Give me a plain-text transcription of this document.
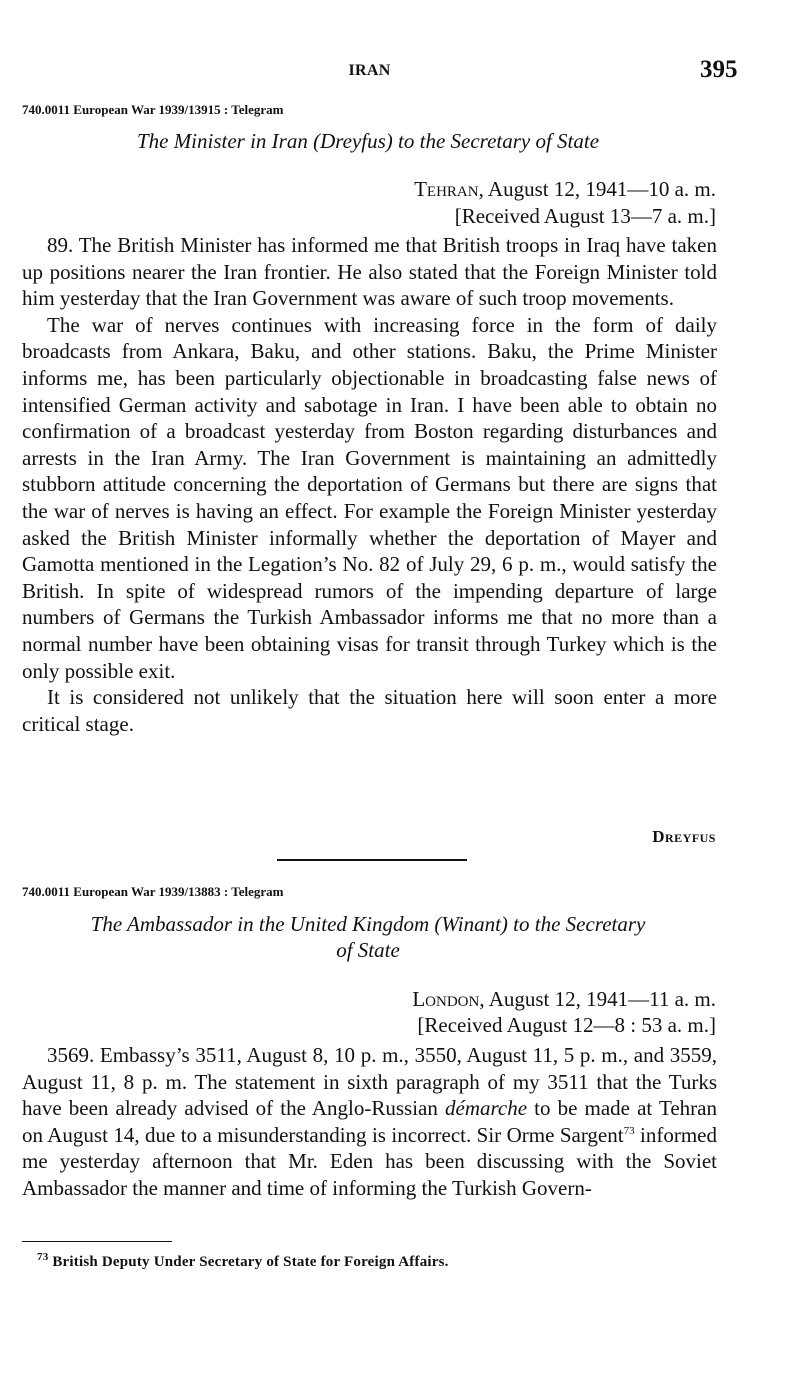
IRAN	395
740.0011 European War 1939/13915 : Telegram
The Minister in Iran (Dreyfus) to the Secretary of State
Tehran, August 12, 1941—10 a. m.
[Received August 13—7 a. m.]

89. The British Minister has informed me that British troops in Iraq have taken up positions nearer the Iran frontier. He also stated that the Foreign Minister told him yesterday that the Iran Government was aware of such troop movements.

The war of nerves continues with increasing force in the form of daily broadcasts from Ankara, Baku, and other stations. Baku, the Prime Minister informs me, has been particularly objectionable in broadcasting false news of intensified German activity and sabotage in Iran. I have been able to obtain no confirmation of a broadcast yesterday from Boston regarding disturbances and arrests in the Iran Army. The Iran Government is maintaining an admittedly stubborn attitude concerning the deportation of Germans but there are signs that the war of nerves is having an effect. For example the Foreign Minister yesterday asked the British Minister informally whether the deportation of Mayer and Gamotta mentioned in the Legation’s No. 82 of July 29, 6 p. m., would satisfy the British. In spite of widespread rumors of the impending departure of large numbers of Germans the Turkish Ambassador informs me that no more than a normal number have been obtaining visas for transit through Turkey which is the only possible exit.

It is considered not unlikely that the situation here will soon enter a more critical stage.

Dreyfus
740.0011 European War 1939/13883 : Telegram
The Ambassador in the United Kingdom (Winant) to the Secretary
of State
London, August 12, 1941—11 a. m.
[Received August 12—8 : 53 a. m.]

3569. Embassy’s 3511, August 8, 10 p. m., 3550, August 11, 5 p. m., and 3559, August 11, 8 p. m. The statement in sixth paragraph of my 3511 that the Turks have been already advised of the Anglo-Russian démarche to be made at Tehran on August 14, due to a misunderstanding is incorrect. Sir Orme Sargent$^{73}$ informed me yesterday afternoon that Mr. Eden has been discussing with the Soviet Ambassador the manner and time of informing the Turkish Govern-

$^{73}$ British Deputy Under Secretary of State for Foreign Affairs.
